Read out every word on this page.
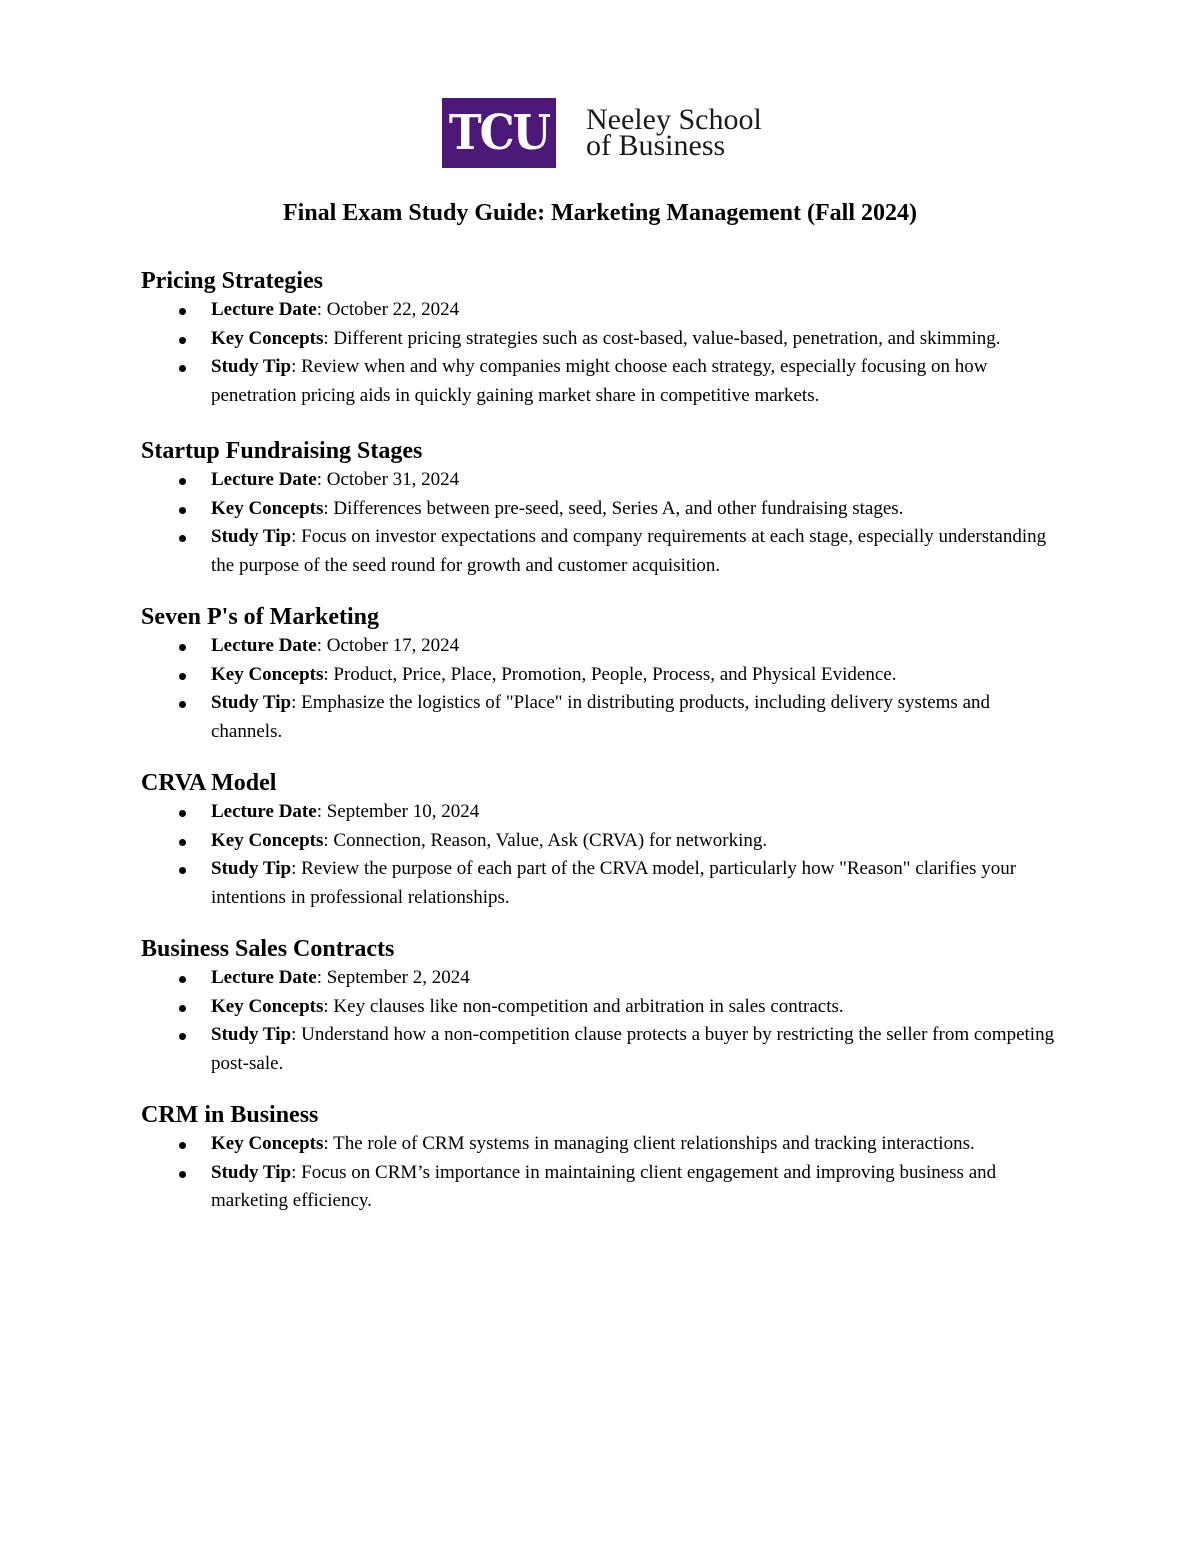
TCU Neeley School
of Business
Final Exam Study Guide: Marketing Management (Fall 2024)
Pricing Strategies
Lecture Date: October 22, 2024
Key Concepts: Different pricing strategies such as cost-based, value-based, penetration, and skimming.
Study Tip: Review when and why companies might choose each strategy, especially focusing on how penetration pricing aids in quickly gaining market share in competitive markets.
Startup Fundraising Stages
Lecture Date: October 31, 2024
Key Concepts: Differences between pre-seed, seed, Series A, and other fundraising stages.
Study Tip: Focus on investor expectations and company requirements at each stage, especially understanding the purpose of the seed round for growth and customer acquisition.
Seven P's of Marketing
Lecture Date: October 17, 2024
Key Concepts: Product, Price, Place, Promotion, People, Process, and Physical Evidence.
Study Tip: Emphasize the logistics of "Place" in distributing products, including delivery systems and channels.
CRVA Model
Lecture Date: September 10, 2024
Key Concepts: Connection, Reason, Value, Ask (CRVA) for networking.
Study Tip: Review the purpose of each part of the CRVA model, particularly how "Reason" clarifies your intentions in professional relationships.
Business Sales Contracts
Lecture Date: September 2, 2024
Key Concepts: Key clauses like non-competition and arbitration in sales contracts.
Study Tip: Understand how a non-competition clause protects a buyer by restricting the seller from competing post-sale.
CRM in Business
Key Concepts: The role of CRM systems in managing client relationships and tracking interactions.
Study Tip: Focus on CRM’s importance in maintaining client engagement and improving business and marketing efficiency.
